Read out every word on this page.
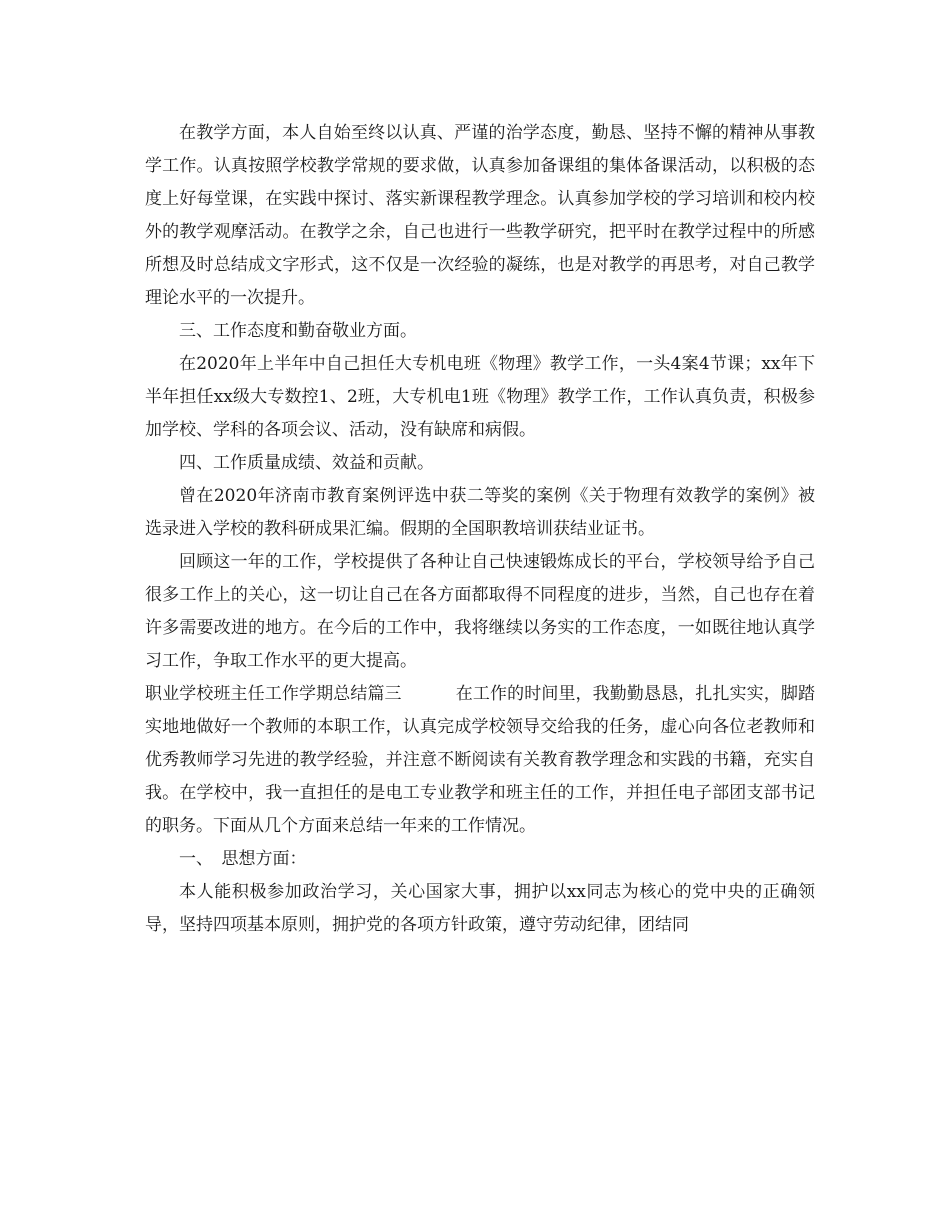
在教学方面，本人自始至终以认真、严谨的治学态度，勤恳、坚持不懈的精神从事教学工作。认真按照学校教学常规的要求做，认真参加备课组的集体备课活动，以积极的态度上好每堂课，在实践中探讨、落实新课程教学理念。认真参加学校的学习培训和校内校外的教学观摩活动。在教学之余，自己也进行一些教学研究，把平时在教学过程中的所感所想及时总结成文字形式，这不仅是一次经验的凝练，也是对教学的再思考，对自己教学理论水平的一次提升。

三、工作态度和勤奋敬业方面。

在2020年上半年中自己担任大专机电班《物理》教学工作，一头4案4节课；xx年下半年担任xx级大专数控1、2班，大专机电1班《物理》教学工作，工作认真负责，积极参加学校、学科的各项会议、活动，没有缺席和病假。

四、工作质量成绩、效益和贡献。

曾在2020年济南市教育案例评选中获二等奖的案例《关于物理有效教学的案例》被选录进入学校的教科研成果汇编。假期的全国职教培训获结业证书。

回顾这一年的工作，学校提供了各种让自己快速锻炼成长的平台，学校领导给予自己很多工作上的关心，这一切让自己在各方面都取得不同程度的进步，当然，自己也存在着许多需要改进的地方。在今后的工作中，我将继续以务实的工作态度，一如既往地认真学习工作，争取工作水平的更大提高。

职业学校班主任工作学期总结篇三	在工作的时间里，我勤勤恳恳，扎扎实实，脚踏实地地做好一个教师的本职工作，认真完成学校领导交给我的任务，虚心向各位老教师和优秀教师学习先进的教学经验，并注意不断阅读有关教育教学理念和实践的书籍，充实自我。在学校中，我一直担任的是电工专业教学和班主任的工作，并担任电子部团支部书记的职务。下面从几个方面来总结一年来的工作情况。

一、　思想方面：

本人能积极参加政治学习，关心国家大事，拥护以xx同志为核心的党中央的正确领导，坚持四项基本原则，拥护党的各项方针政策，遵守劳动纪律，团结同
